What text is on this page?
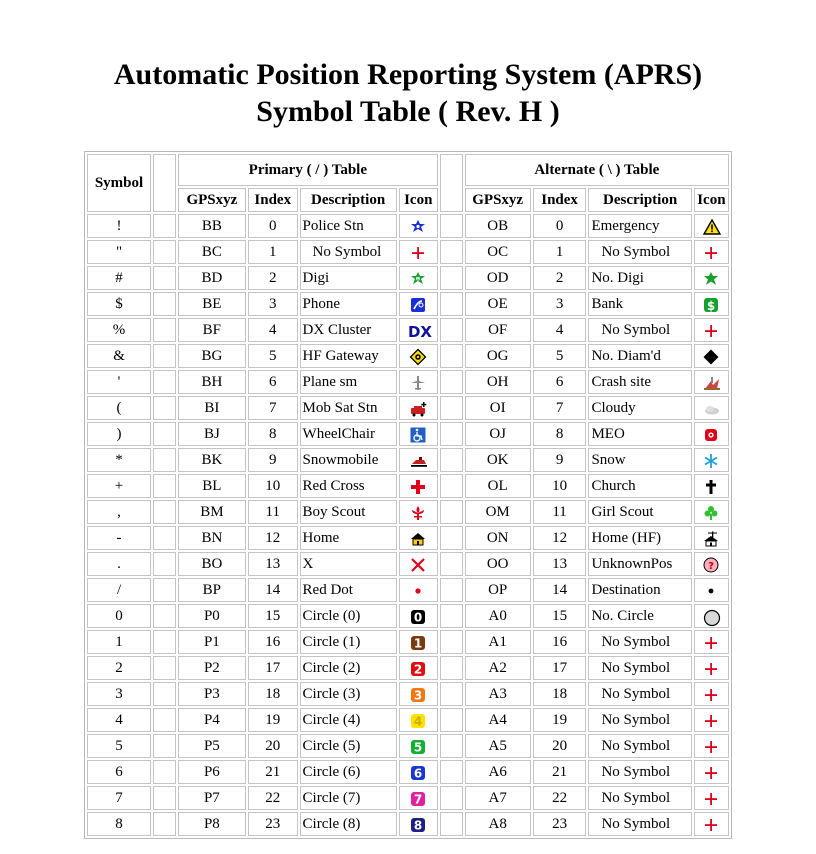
Automatic Position Reporting System (APRS)
Symbol Table ( Rev. H )
Symbol		Primary ( / ) Table					Alternate ( \ ) Table			
		GPSxyz	Index	Description	Icon		GPSxyz	Index	Description	Icon
!		BB	0	Police Stn			OB	0	Emergency	

"		BC	1	No Symbol			OC	1	No Symbol	

#		BD	2	Digi	D		OD	2	No. Digi	

$		BE	3	Phone			OE	3	Bank	$

%		BF	4	DX Cluster	DX		OF	4	No Symbol	

&		BG	5	HF Gateway			OG	5	No. Diam'd	

'		BH	6	Plane sm			OH	6	Crash site	

(		BI	7	Mob Sat Stn			OI	7	Cloudy	

)		BJ	8	WheelChair			OJ	8	MEO	

*		BK	9	Snowmobile			OK	9	Snow	

+		BL	10	Red Cross			OL	10	Church	

,		BM	11	Boy Scout			OM	11	Girl Scout	

-		BN	12	Home			ON	12	Home (HF)	

.		BO	13	X			OO	13	UnknownPos	?

/		BP	14	Red Dot			OP	14	Destination	

0		P0	15	Circle (0)	0		A0	15	No. Circle	

1		P1	16	Circle (1)	1		A1	16	No Symbol	

2		P2	17	Circle (2)	2		A2	17	No Symbol	

3		P3	18	Circle (3)	3		A3	18	No Symbol	

4		P4	19	Circle (4)	4		A4	19	No Symbol	

5		P5	20	Circle (5)	5		A5	20	No Symbol	

6		P6	21	Circle (6)	6		A6	21	No Symbol	

7		P7	22	Circle (7)	7		A7	22	No Symbol	

8		P8	23	Circle (8)	8		A8	23	No Symbol	
